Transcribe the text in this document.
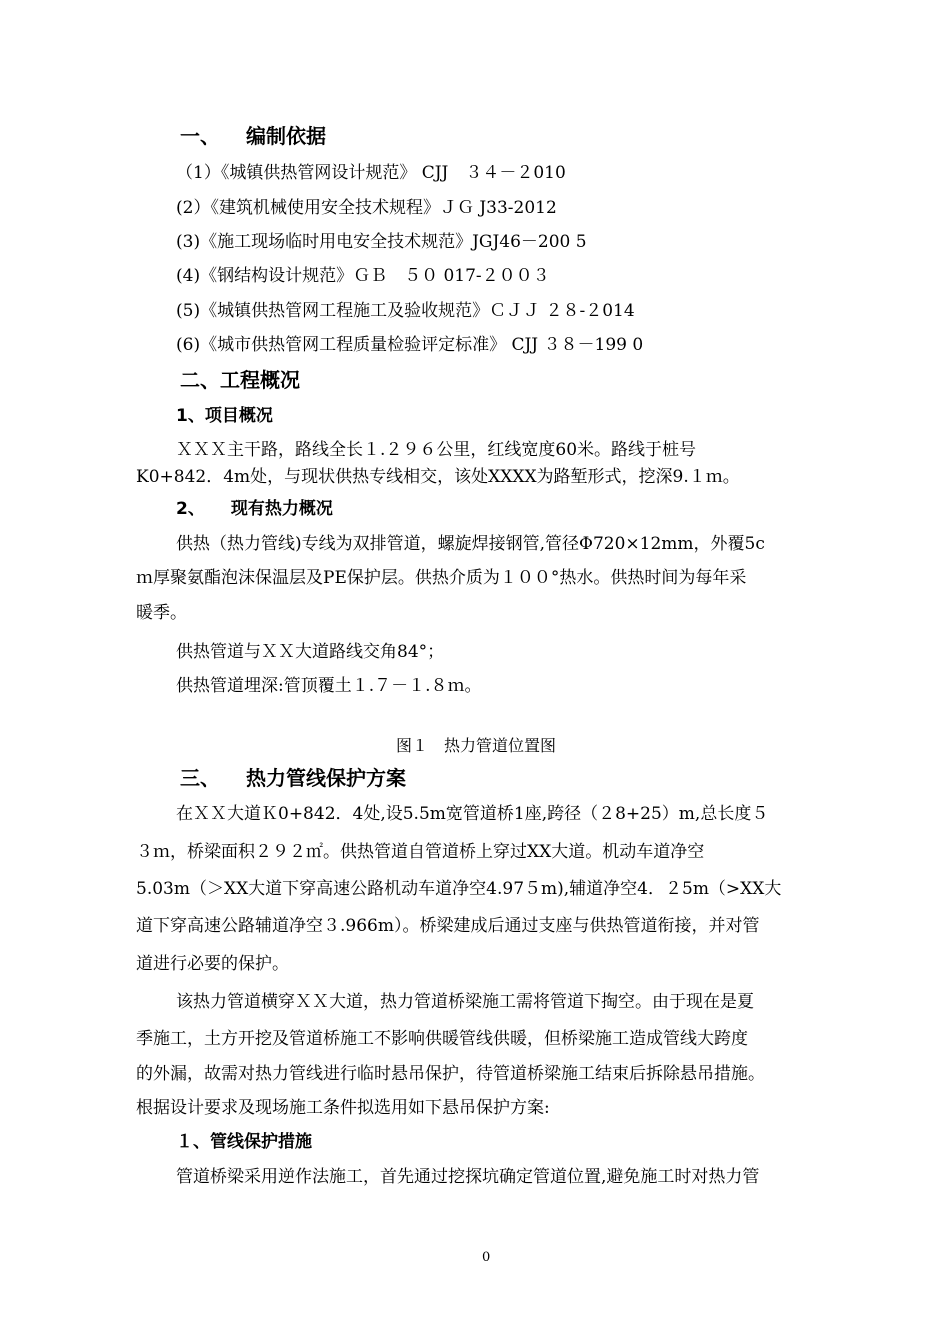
一、 编制依据
（1）《城镇供热管网设计规范》 CJJ　３４－２010
(2）《建筑机械使用安全技术规程》ＪＧ J33-2012
(3)《施工现场临时用电安全技术规范》JGJ46－200 5
(4)《钢结构设计规范》ＧＢ　５０ 017-２００３
(5)《城镇供热管网工程施工及验收规范》ＣＪＪ ２８-２014
(6)《城市供热管网工程质量检验评定标准》 CJJ ３８－199 0
二、工程概况
1、项目概况
ＸＸＸ主干路，路线全长１.２９６公里，红线宽度60米。路线于桩号
K0+842．4m处，与现状供热专线相交，该处XXXX为路堑形式，挖深9.１ｍ。
2、 现有热力概况
供热（热力管线)专线为双排管道，螺旋焊接钢管,管径Φ720×12mm，外覆5c
ｍ厚聚氨酯泡沫保温层及PE保护层。供热介质为１００°热水。供热时间为每年采
暖季。
供热管道与ＸＸ大道路线交角84°；
供热管道埋深:管顶覆土１.７－１.８ｍ。
图１　热力管道位置图
三、 热力管线保护方案
在ＸＸ大道Ｋ0+842．4处,设5.5m宽管道桥1座,跨径（２8+25）m,总长度５
３ｍ，桥梁面积２９２㎡。供热管道自管道桥上穿过XX大道。机动车道净空
5.03m（＞XX大道下穿高速公路机动车道净空4.97５m),辅道净空4．２5m（>XX大
道下穿高速公路辅道净空３.966m）。桥梁建成后通过支座与供热管道衔接，并对管
道进行必要的保护。
该热力管道横穿ＸＸ大道，热力管道桥梁施工需将管道下掏空。由于现在是夏
季施工，土方开挖及管道桥施工不影响供暖管线供暖，但桥梁施工造成管线大跨度
的外漏，故需对热力管线进行临时悬吊保护，待管道桥梁施工结束后拆除悬吊措施。
根据设计要求及现场施工条件拟选用如下悬吊保护方案:
１、管线保护措施
管道桥梁采用逆作法施工，首先通过挖探坑确定管道位置,避免施工时对热力管
0
